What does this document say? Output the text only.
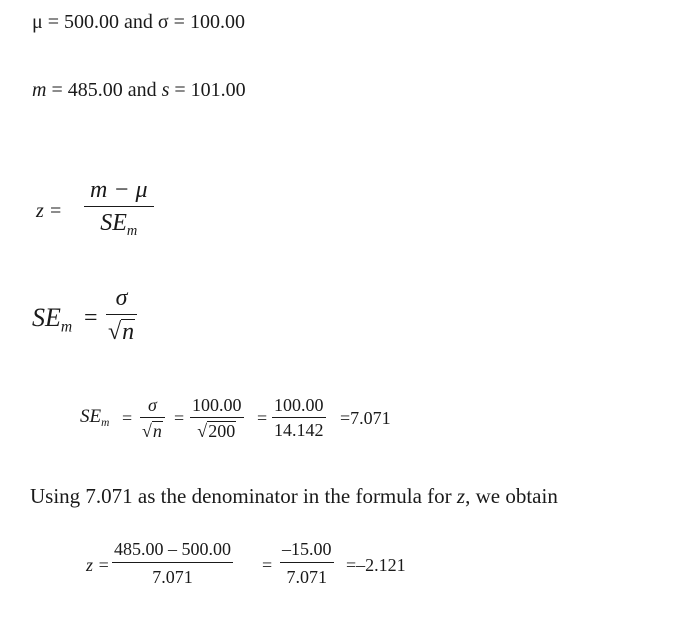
μ = 500.00 and σ = 100.00
m = 485.00 and s = 101.00
z =
m − μ
$SE_m$
$SE_m$ =
σ
√n
$SE_m$ =
σ
√n
=
100.00
√200
=
100.00
14.142
=7.071
Using 7.071 as the denominator in the formula for z, we obtain
z =
485.00 – 500.00
7.071
=
–15.00
7.071
=–2.121
